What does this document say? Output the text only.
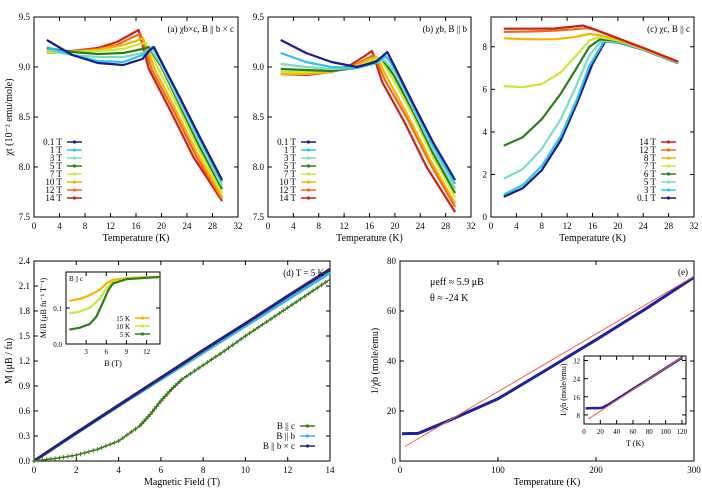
0 4 8 12 16 20 24 28 32
7.5
8.0
8.5
9.0
9.5
Temperature (K)
χt (10⁻² emu/mole)
(a) χb×c, B || b × c
0.1 T
1 T
3 T
5 T
7 T
10 T
12 T
14 T
0 4 8 12 16 20 24 28 32
7.5
8.0
8.5
9.0
9.5
Temperature (K)
(b) χb, B || b
0.1 T
1 T
3 T
5 T
7 T
10 T
12 T
14 T
0 4 8 12 16 20 24 28 32
0
2
4
6
8
Temperature (K)
(c) χc, B || c
14 T
12 T
8 T
7 T
6 T
5 T
3 T
0.1 T
0	2	4	6	8	10	12	14
0.0
0.3
0.6
0.9
1.2
1.5
1.8
2.1
2.4
Magnetic Field (T)
M (μB / fu)
(d) T = 5 K
B || c
B || b
B || b × c
3 6 9 12
0.0
0.1
B (T)
M/B (μB fu⁻¹ T⁻¹)	B || c
15 K
10 K
5 K
0	100	200	300
0
20
40
60
80
Temperature (K)
1/χb (mole/emu)
(e)
μeff ≈ 5.9 μB
θ ≈ -24 K
0 20 40 60 80 100 120
8
16
24
32
T (K)
1/χb (mole/emu)
